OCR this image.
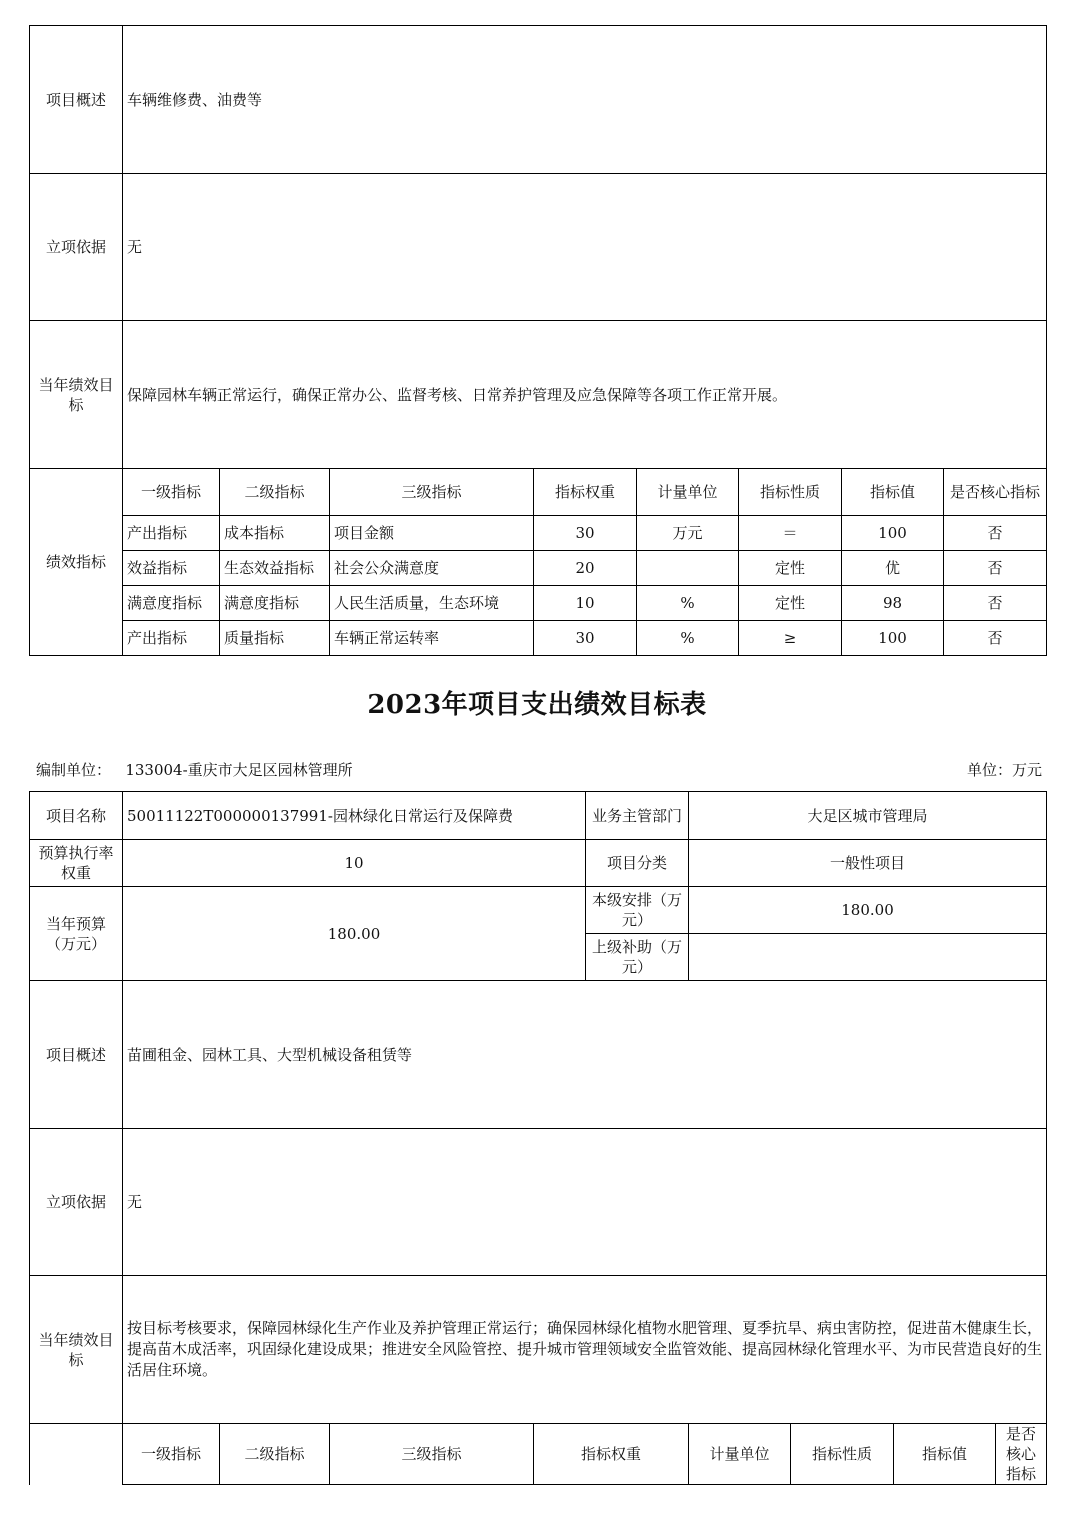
项目概述	车辆维修费、油费等							
立项依据	无							
当年绩效目标	保障园林车辆正常运行，确保正常办公、监督考核、日常养护管理及应急保障等各项工作正常开展。							
绩效指标	一级指标	二级指标	三级指标	指标权重	计量单位	指标性质	指标值	是否核心指标
	产出指标	成本指标	项目金额	30	万元	＝	100	否
	效益指标	生态效益指标	社会公众满意度	20		定性	优	否
	满意度指标	满意度指标	人民生活质量，生态环境	10	%	定性	98	否
	产出指标	质量指标	车辆正常运转率	30	%	≥	100	否
2023年项目支出绩效目标表
编制单位： 133004-重庆市大足区园林管理所	单位：万元
项目名称	50011122T000000137991-园林绿化日常运行及保障费				业务主管部门	大足区城市管理局			
预算执行率权重	10				项目分类	一般性项目			
当年预算（万元）	180.00				本级安排（万元）	180.00			
					上级补助（万元）				
项目概述	苗圃租金、园林工具、大型机械设备租赁等								
立项依据	无								
当年绩效目标	按目标考核要求，保障园林绿化生产作业及养护管理正常运行；确保园林绿化植物水肥管理、夏季抗旱、病虫害防控，促进苗木健康生长，提高苗木成活率，巩固绿化建设成果；推进安全风险管控、提升城市管理领域安全监管效能、提高园林绿化管理水平、为市民营造良好的生活居住环境。								
	一级指标	二级指标	三级指标	指标权重		计量单位	指标性质	指标值	是否核心指标
